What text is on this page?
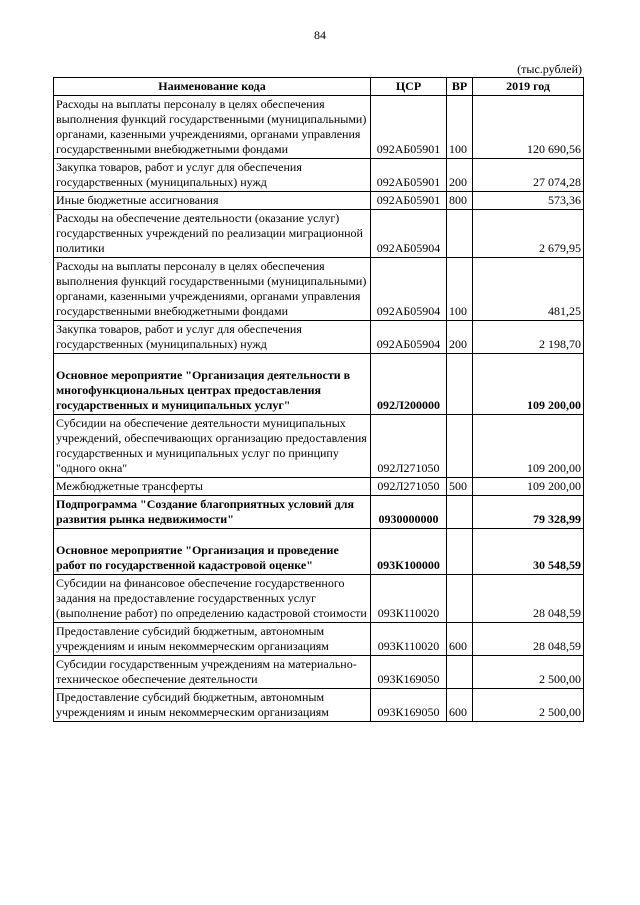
84
(тыс.рублей)
Наименование кода	ЦСР	ВР	2019 год
Расходы на выплаты персоналу в целях обеспечения выполнения функций государственными (муниципальными) органами, казенными учреждениями, органами управления государственными внебюджетными фондами	092АБ05901	100	120 690,56
Закупка товаров, работ и услуг для обеспечения государственных (муниципальных) нужд	092АБ05901	200	27 074,28
Иные бюджетные ассигнования	092АБ05901	800	573,36
Расходы на обеспечение деятельности (оказание услуг) государственных учреждений по реализации миграционной политики	092АБ05904		2 679,95
Расходы на выплаты персоналу в целях обеспечения выполнения функций государственными (муниципальными) органами, казенными учреждениями, органами управления государственными внебюджетными фондами	092АБ05904	100	481,25
Закупка товаров, работ и услуг для обеспечения государственных (муниципальных) нужд	092АБ05904	200	2 198,70
Основное мероприятие "Организация деятельности в многофункциональных центрах предоставления государственных и муниципальных услуг"	092Л200000		109 200,00
Субсидии на обеспечение деятельности муниципальных учреждений, обеспечивающих организацию предоставления государственных и муниципальных услуг по принципу "одного окна"	092Л271050		109 200,00
Межбюджетные трансферты	092Л271050	500	109 200,00
Подпрограмма "Создание благоприятных условий для развития рынка недвижимости"	0930000000		79 328,99
Основное мероприятие "Организация и проведение работ по государственной кадастровой оценке"	093К100000		30 548,59
Субсидии на финансовое обеспечение государственного задания на предоставление государственных услуг (выполнение работ) по определению кадастровой стоимости	093К110020		28 048,59
Предоставление субсидий бюджетным, автономным учреждениям и иным некоммерческим организациям	093К110020	600	28 048,59
Субсидии государственным учреждениям на материально-техническое обеспечение деятельности	093К169050		2 500,00
Предоставление субсидий бюджетным, автономным учреждениям и иным некоммерческим организациям	093К169050	600	2 500,00
